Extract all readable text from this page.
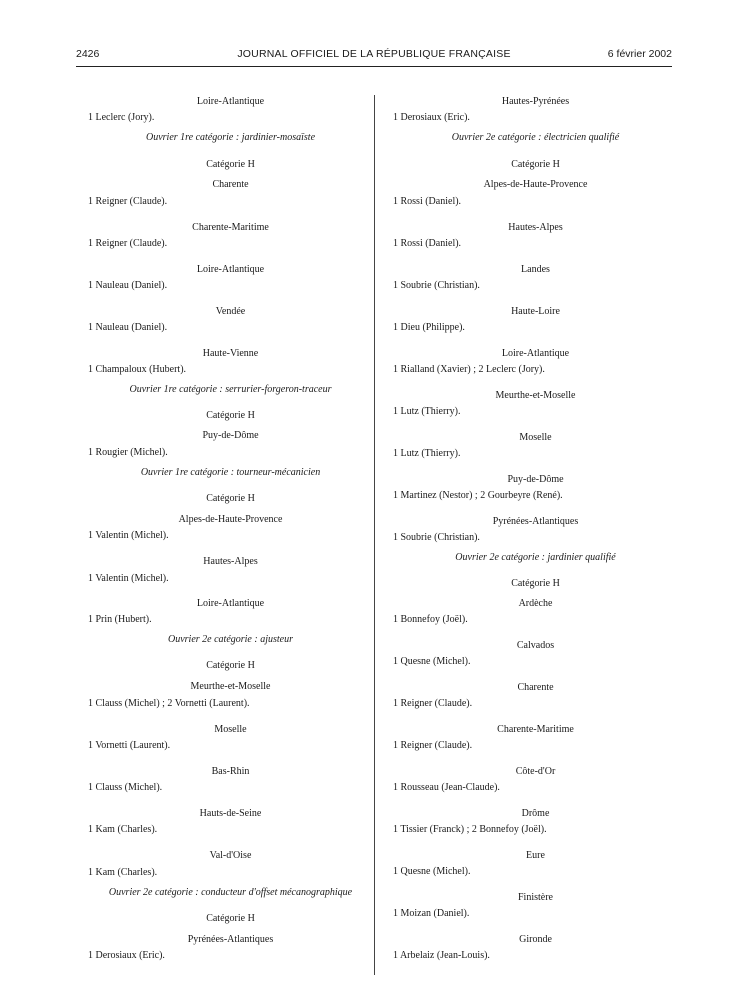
2426	JOURNAL OFFICIEL DE LA RÉPUBLIQUE FRANÇAISE	6 février 2002
Loire-Atlantique
1 Leclerc (Jory).
Ouvrier 1re catégorie : jardinier-mosaïste
Catégorie H
Charente
1 Reigner (Claude).
Charente-Maritime
1 Reigner (Claude).
Loire-Atlantique
1 Nauleau (Daniel).
Vendée
1 Nauleau (Daniel).
Haute-Vienne
1 Champaloux (Hubert).
Ouvrier 1re catégorie : serrurier-forgeron-traceur
Catégorie H
Puy-de-Dôme
1 Rougier (Michel).
Ouvrier 1re catégorie : tourneur-mécanicien
Catégorie H
Alpes-de-Haute-Provence
1 Valentin (Michel).
Hautes-Alpes
1 Valentin (Michel).
Loire-Atlantique
1 Prin (Hubert).
Ouvrier 2e catégorie : ajusteur
Catégorie H
Meurthe-et-Moselle
1 Clauss (Michel) ; 2 Vornetti (Laurent).
Moselle
1 Vornetti (Laurent).
Bas-Rhin
1 Clauss (Michel).
Hauts-de-Seine
1 Kam (Charles).
Val-d'Oise
1 Kam (Charles).
Ouvrier 2e catégorie : conducteur d'offset mécanographique
Catégorie H
Pyrénées-Atlantiques
1 Derosiaux (Eric).
Hautes-Pyrénées
1 Derosiaux (Eric).
Ouvrier 2e catégorie : électricien qualifié
Catégorie H
Alpes-de-Haute-Provence
1 Rossi (Daniel).
Hautes-Alpes
1 Rossi (Daniel).
Landes
1 Soubrie (Christian).
Haute-Loire
1 Dieu (Philippe).
Loire-Atlantique
1 Rialland (Xavier) ; 2 Leclerc (Jory).
Meurthe-et-Moselle
1 Lutz (Thierry).
Moselle
1 Lutz (Thierry).
Puy-de-Dôme
1 Martinez (Nestor) ; 2 Gourbeyre (René).
Pyrénées-Atlantiques
1 Soubrie (Christian).
Ouvrier 2e catégorie : jardinier qualifié
Catégorie H
Ardèche
1 Bonnefoy (Joël).
Calvados
1 Quesne (Michel).
Charente
1 Reigner (Claude).
Charente-Maritime
1 Reigner (Claude).
Côte-d'Or
1 Rousseau (Jean-Claude).
Drôme
1 Tissier (Franck) ; 2 Bonnefoy (Joël).
Eure
1 Quesne (Michel).
Finistère
1 Moizan (Daniel).
Gironde
1 Arbelaiz (Jean-Louis).
